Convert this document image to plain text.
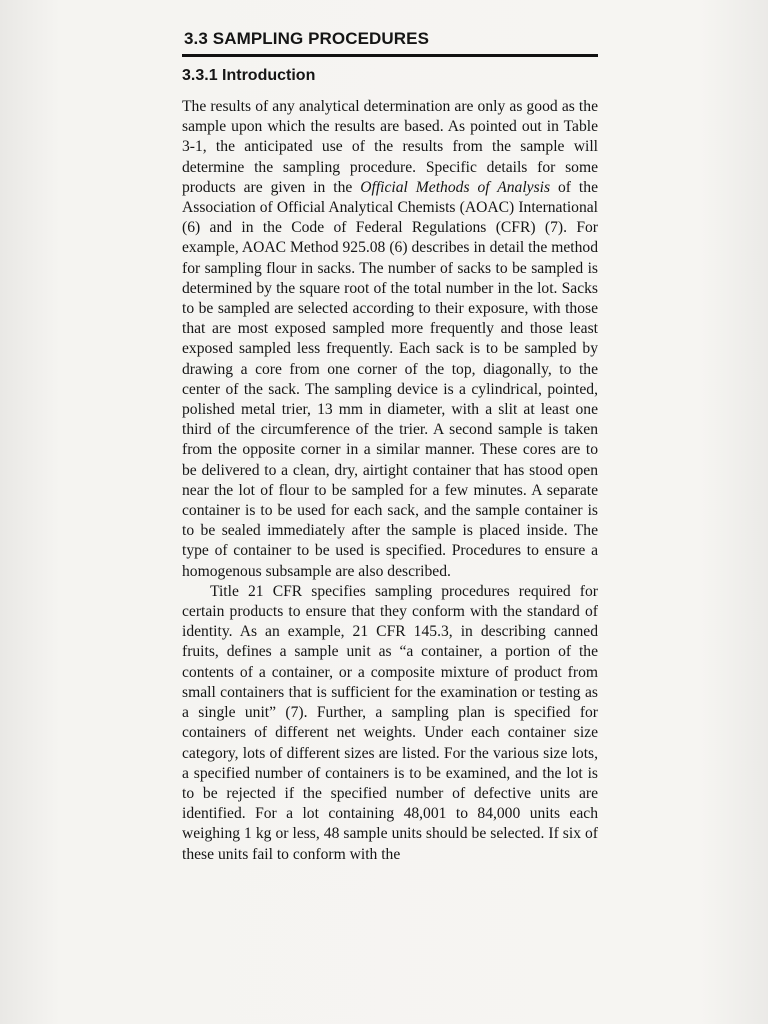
3.3 SAMPLING PROCEDURES
3.3.1 Introduction

The results of any analytical determination are only as good as the sample upon which the results are based. As pointed out in Table 3-1, the anticipated use of the results from the sample will determine the sampling procedure. Specific details for some products are given in the Official Methods of Analysis of the Association of Official Analytical Chemists (AOAC) International (6) and in the Code of Federal Regulations (CFR) (7). For example, AOAC Method 925.08 (6) describes in detail the method for sampling flour in sacks. The number of sacks to be sampled is determined by the square root of the total number in the lot. Sacks to be sampled are selected according to their exposure, with those that are most exposed sampled more frequently and those least exposed sampled less frequently. Each sack is to be sampled by drawing a core from one corner of the top, diagonally, to the center of the sack. The sampling device is a cylindrical, pointed, polished metal trier, 13 mm in diameter, with a slit at least one third of the circumference of the trier. A second sample is taken from the opposite corner in a similar manner. These cores are to be delivered to a clean, dry, airtight container that has stood open near the lot of flour to be sampled for a few minutes. A separate container is to be used for each sack, and the sample container is to be sealed immediately after the sample is placed inside. The type of container to be used is specified. Procedures to ensure a homogenous subsample are also described.

Title 21 CFR specifies sampling procedures required for certain products to ensure that they conform with the standard of identity. As an example, 21 CFR 145.3, in describing canned fruits, defines a sample unit as “a container, a portion of the contents of a container, or a composite mixture of product from small containers that is sufficient for the examination or testing as a single unit” (7). Further, a sampling plan is specified for containers of different net weights. Under each container size category, lots of different sizes are listed. For the various size lots, a specified number of containers is to be examined, and the lot is to be rejected if the specified number of defective units are identified. For a lot containing 48,001 to 84,000 units each weighing 1 kg or less, 48 sample units should be selected. If six of these units fail to conform with the
